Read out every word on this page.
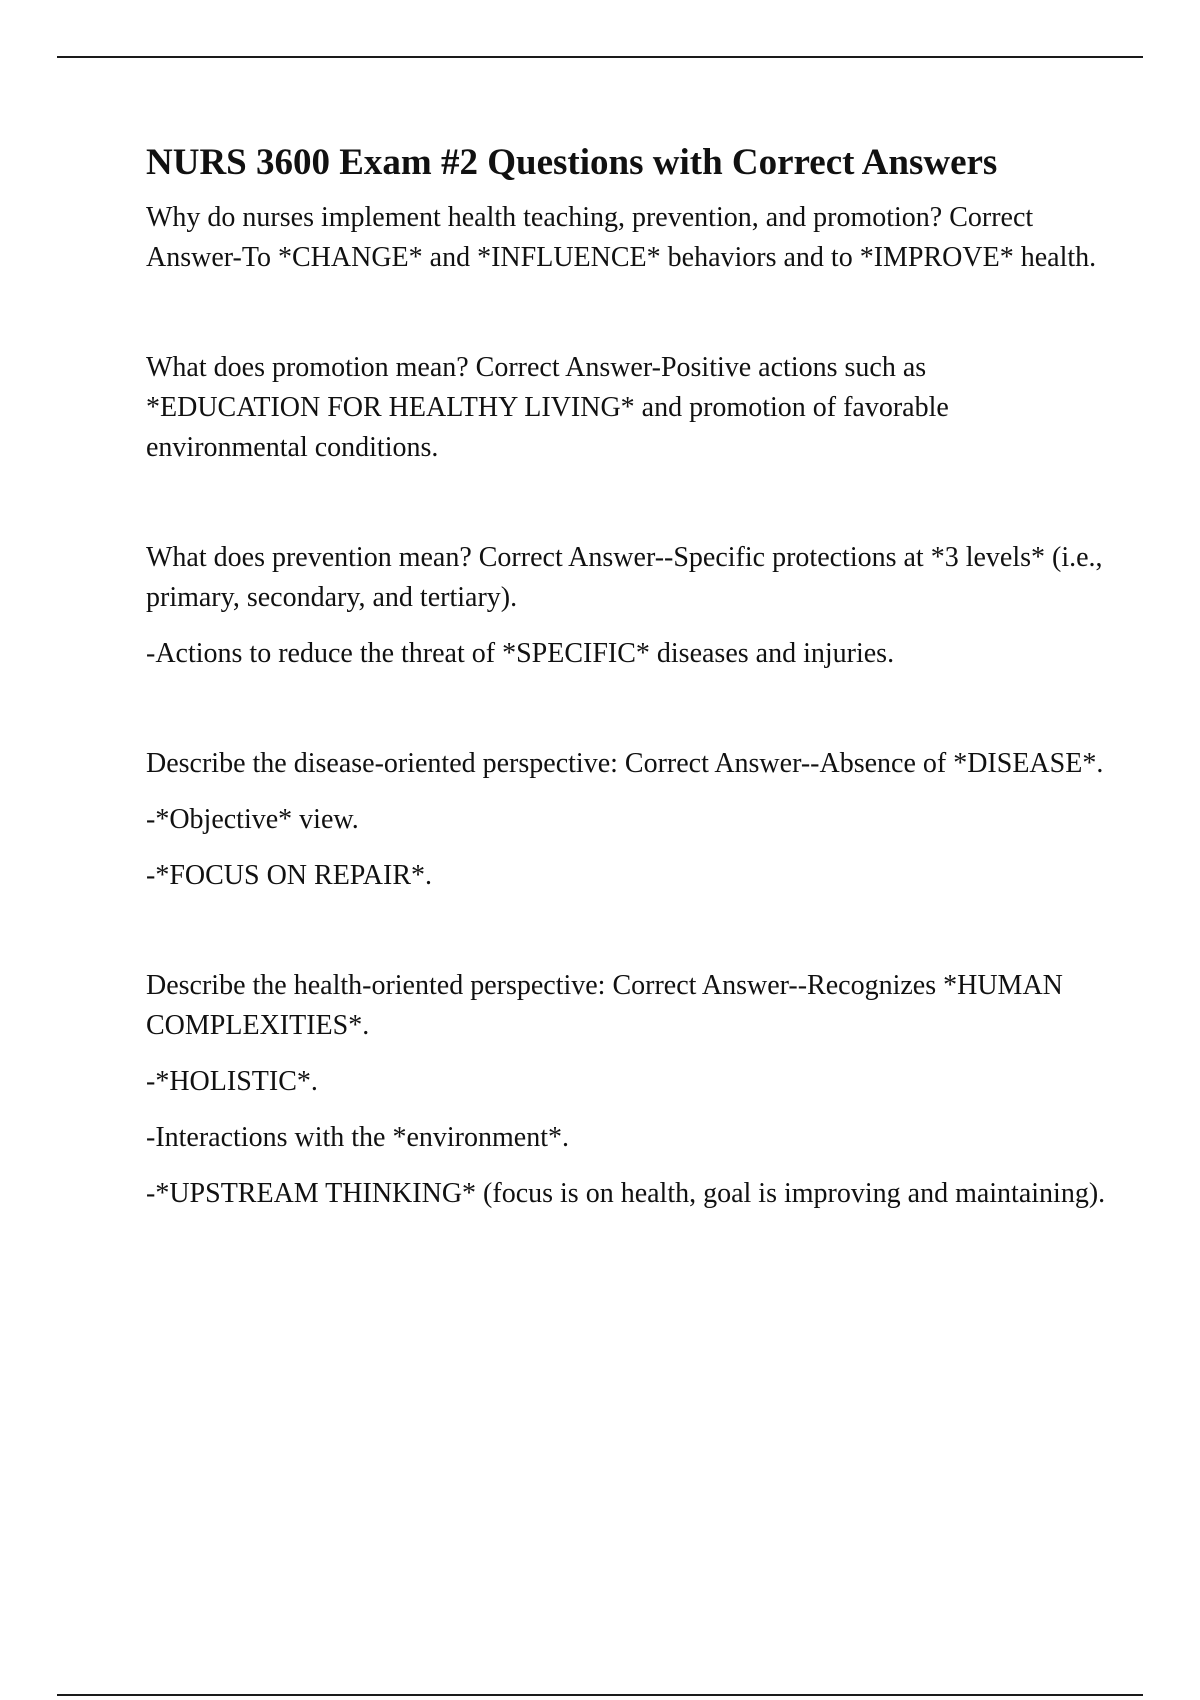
NURS 3600 Exam #2 Questions with Correct Answers

Why do nurses implement health teaching, prevention, and promotion? Correct Answer-To *CHANGE* and *INFLUENCE* behaviors and to *IMPROVE* health.

What does promotion mean? Correct Answer-Positive actions such as *EDUCATION FOR HEALTHY LIVING* and promotion of favorable environmental conditions.

What does prevention mean? Correct Answer--Specific protections at *3 levels* (i.e., primary, secondary, and tertiary).

-Actions to reduce the threat of *SPECIFIC* diseases and injuries.

Describe the disease-oriented perspective: Correct Answer--Absence of *DISEASE*.

-*Objective* view.

-*FOCUS ON REPAIR*.

Describe the health-oriented perspective: Correct Answer--Recognizes *HUMAN COMPLEXITIES*.

-*HOLISTIC*.

-Interactions with the *environment*.

-*UPSTREAM THINKING* (focus is on health, goal is improving and maintaining).
